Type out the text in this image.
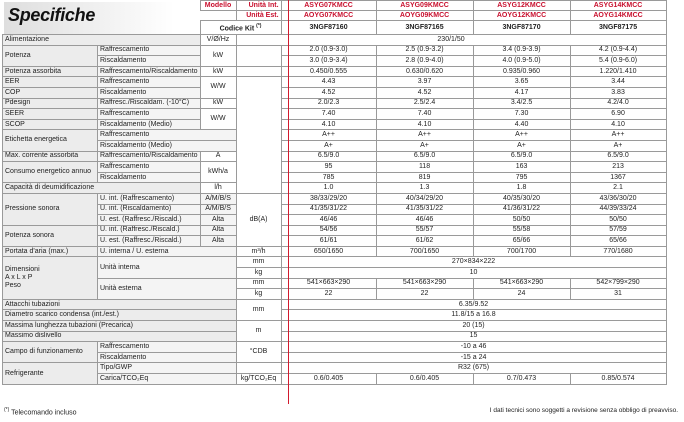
Specifiche
			Modello	Unità Int.	ASYG07KMCC	ASYG09KMCC	ASYG12KMCC	ASYG14KMCC
			Unità Est.	AOYG07KMCC	AOYG09KMCC	AOYG12KMCC	AOYG14KMCC
		Codice Kit (*)		3NGF87160	3NGF87165	3NGF87170	3NGF87175
Alimentazione		V/Ø/Hz	230/1/50				
Potenza	Raffrescamento	kW		2.0 (0.9-3.0)	2.5 (0.9-3.2)	3.4 (0.9-3.9)	4.2 (0.9-4.4)
	Riscaldamento			3.0 (0.9-3.4)	2.8 (0.9-4.0)	4.0 (0.9-5.0)	5.4 (0.9-6.0)
Potenza assorbita	Raffrescamento/Riscaldamento	kW		0.450/0.555	0.630/0.620	0.935/0.960	1.220/1.410
EER	Raffrescamento	W/W		4.43	3.97	3.65	3.44
COP	Riscaldamento			4.52	4.52	4.17	3.83
Pdesign	Raffresc./Riscaldam. (-10°C)	kW		2.0/2.3	2.5/2.4	3.4/2.5	4.2/4.0
SEER	Raffrescamento	W/W		7.40	7.40	7.30	6.90
SCOP	Riscaldamento (Medio)			4.10	4.10	4.40	4.10
Etichetta energetica	Raffrescamento			A++	A++	A++	A++
	Riscaldamento (Medio)			A+	A+	A+	A+
Max. corrente assorbita	Raffrescamento/Riscaldamento	A		6.5/9.0	6.5/9.0	6.5/9.0	6.5/9.0
Consumo energetico annuo	Raffrescamento	kWh/a		95	118	163	213
	Riscaldamento			785	819	795	1367
Capacità di deumidificazione		l/h		1.0	1.3	1.8	2.1
Pressione sonora	U. int. (Raffrescamento)	A/M/B/S	dB(A)	38/33/29/20	40/34/29/20	40/35/30/20	43/36/30/20
	U. int. (Riscaldamento)	A/M/B/S		41/35/31/22	41/35/31/22	41/36/31/22	44/39/33/24
	U. est. (Raffresc./Riscald.)	Alta		46/46	46/46	50/50	50/50
Potenza sonora	U. int. (Raffresc./Riscald.)	Alta		54/56	55/57	55/58	57/59
	U. est. (Raffresc./Riscald.)	Alta		61/61	61/62	65/66	65/66
Portata d'aria (max.)	U. interna / U. esterna		m³/h	650/1650	700/1650	700/1700	770/1680

Dimensioni
A x L x P
Peso	Unità interna		mm	270×834×222			
			kg	10			
	Unità esterna		mm	541×663×290	541×663×290	541×663×290	542×799×290
			kg	22	22	24	31
Attacchi tubazioni			mm	6.35/9.52			
Diametro scarico condensa (int./est.)				11.8/15 a 16.8			
Massima lunghezza tubazioni (Precarica)			m	20 (15)			
Massimo dislivello				15			
Campo di funzionamento	Raffrescamento		°CDB	-10 a 46			
	Riscaldamento			-15 a 24			
Refrigerante	Tipo/GWP			R32 (675)			
	Carica/TCO₂Eq		kg/TCO₂Eq	0.6/0.405	0.6/0.405	0.7/0.473	0.85/0.574
(*) Telecomando incluso	I dati tecnici sono soggetti a revisione senza obbligo di preavviso.
